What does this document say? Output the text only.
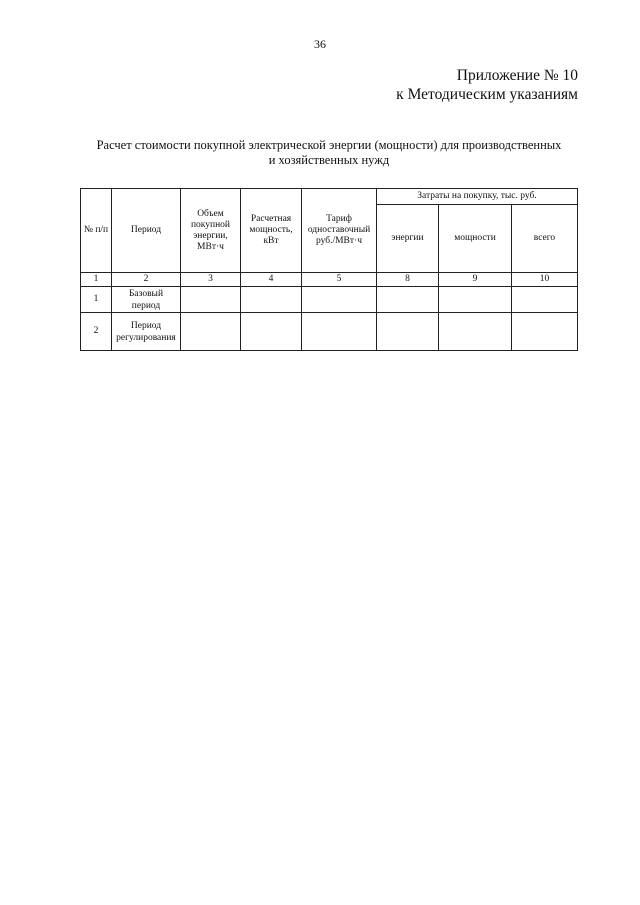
36
Приложение № 10
к Методическим указаниям
Расчет стоимости покупной электрической энергии (мощности) для производственных
и хозяйственных нужд
№ п/п	Период	Объем покупной энергии, МВт·ч	Расчетная мощность, кВт	Тариф одноставочный руб./МВт·ч	Затраты на покупку, тыс. руб.		
					энергии	мощности	всего
1	2	3	4	5	8	9	10
1	Базовый период						
2	Период регулирования						
